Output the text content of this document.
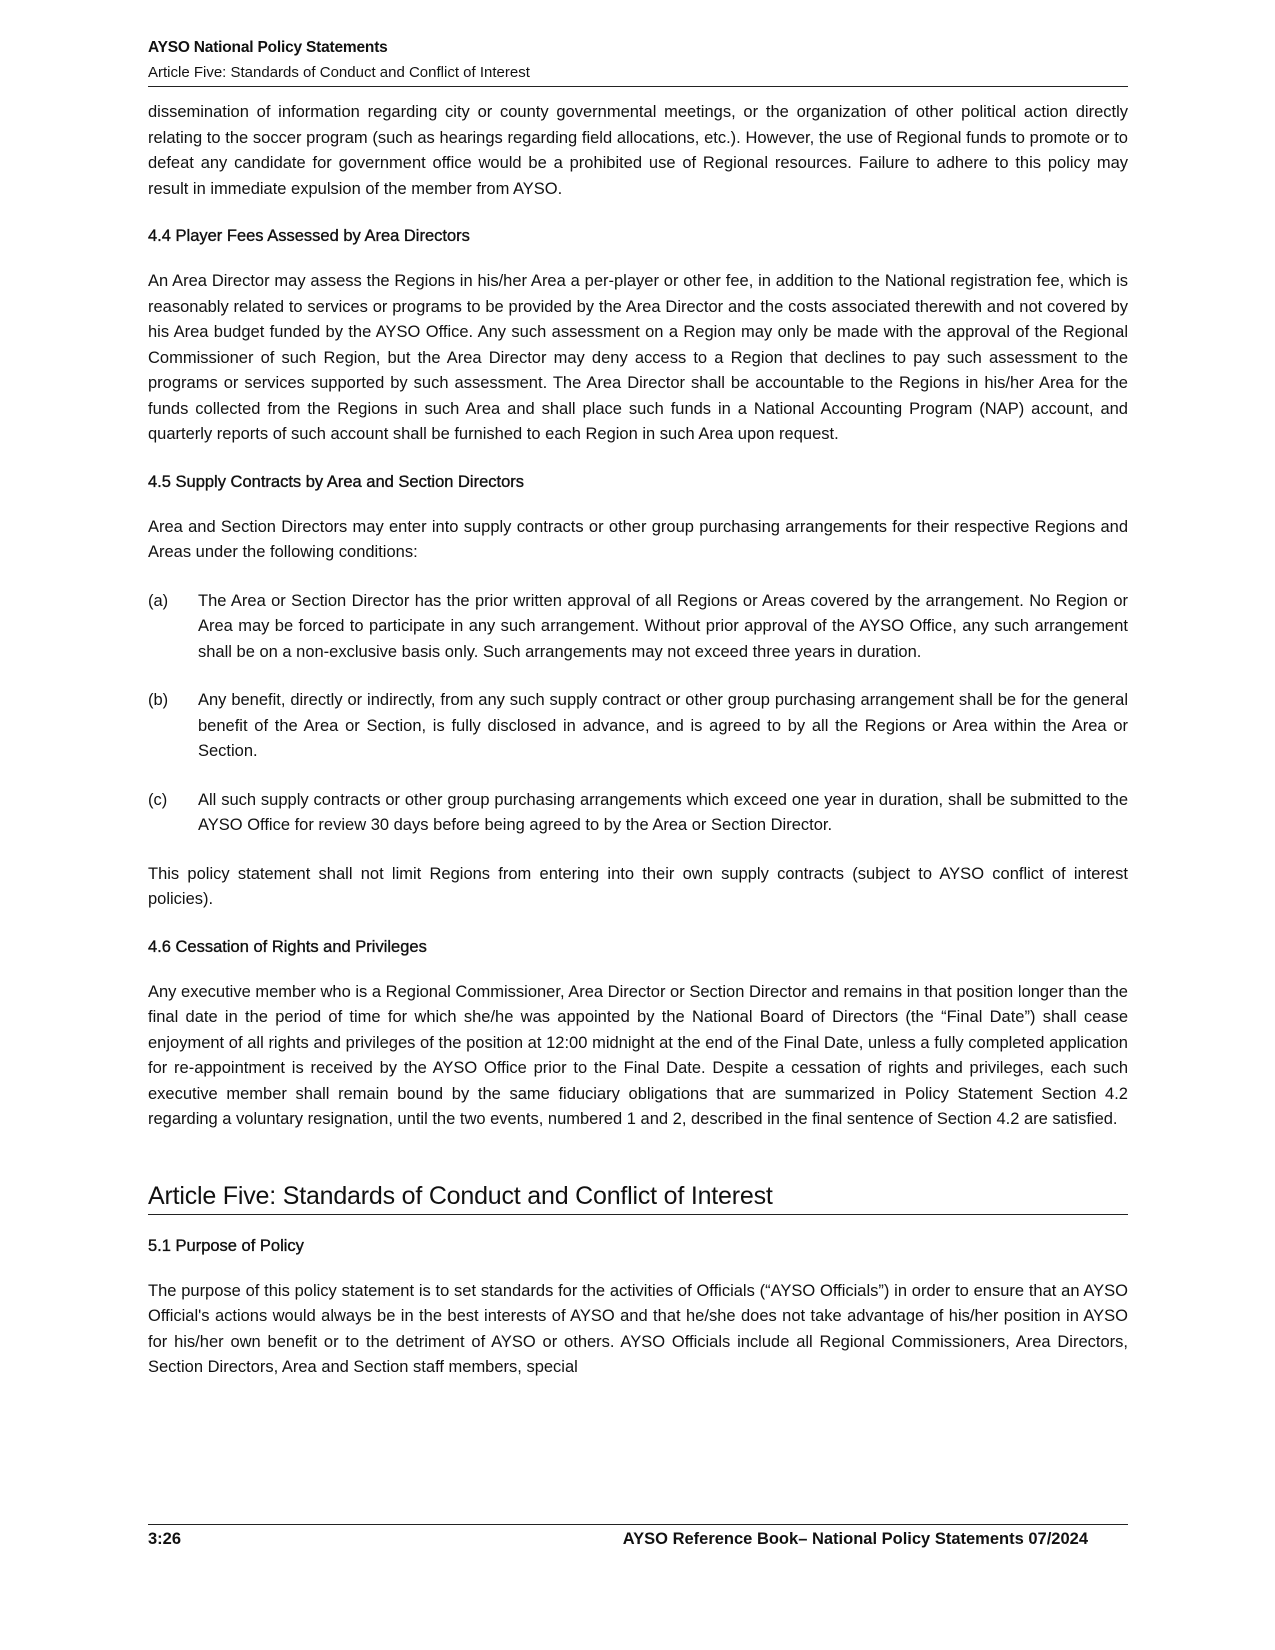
AYSO National Policy Statements
Article Five: Standards of Conduct and Conflict of Interest

dissemination of information regarding city or county governmental meetings, or the organization of other political action directly relating to the soccer program (such as hearings regarding field allocations, etc.). However, the use of Regional funds to promote or to defeat any candidate for government office would be a prohibited use of Regional resources. Failure to adhere to this policy may result in immediate expulsion of the member from AYSO.

4.4 Player Fees Assessed by Area Directors

An Area Director may assess the Regions in his/her Area a per-player or other fee, in addition to the National registration fee, which is reasonably related to services or programs to be provided by the Area Director and the costs associated therewith and not covered by his Area budget funded by the AYSO Office. Any such assessment on a Region may only be made with the approval of the Regional Commissioner of such Region, but the Area Director may deny access to a Region that declines to pay such assessment to the programs or services supported by such assessment. The Area Director shall be accountable to the Regions in his/her Area for the funds collected from the Regions in such Area and shall place such funds in a National Accounting Program (NAP) account, and quarterly reports of such account shall be furnished to each Region in such Area upon request.

4.5 Supply Contracts by Area and Section Directors

Area and Section Directors may enter into supply contracts or other group purchasing arrangements for their respective Regions and Areas under the following conditions:

(a)	The Area or Section Director has the prior written approval of all Regions or Areas covered by the arrangement. No Region or Area may be forced to participate in any such arrangement. Without prior approval of the AYSO Office, any such arrangement shall be on a non-exclusive basis only. Such arrangements may not exceed three years in duration.

(b)	Any benefit, directly or indirectly, from any such supply contract or other group purchasing arrangement shall be for the general benefit of the Area or Section, is fully disclosed in advance, and is agreed to by all the Regions or Area within the Area or Section.

(c)	All such supply contracts or other group purchasing arrangements which exceed one year in duration, shall be submitted to the AYSO Office for review 30 days before being agreed to by the Area or Section Director.

This policy statement shall not limit Regions from entering into their own supply contracts (subject to AYSO conflict of interest policies).

4.6 Cessation of Rights and Privileges

Any executive member who is a Regional Commissioner, Area Director or Section Director and remains in that position longer than the final date in the period of time for which she/he was appointed by the National Board of Directors (the “Final Date”) shall cease enjoyment of all rights and privileges of the position at 12:00 midnight at the end of the Final Date, unless a fully completed application for re-appointment is received by the AYSO Office prior to the Final Date. Despite a cessation of rights and privileges, each such executive member shall remain bound by the same fiduciary obligations that are summarized in Policy Statement Section 4.2 regarding a voluntary resignation, until the two events, numbered 1 and 2, described in the final sentence of Section 4.2 are satisfied.

Article Five: Standards of Conduct and Conflict of Interest
5.1 Purpose of Policy

The purpose of this policy statement is to set standards for the activities of Officials (“AYSO Officials”) in order to ensure that an AYSO Official's actions would always be in the best interests of AYSO and that he/she does not take advantage of his/her position in AYSO for his/her own benefit or to the detriment of AYSO or others. AYSO Officials include all Regional Commissioners, Area Directors, Section Directors, Area and Section staff members, special

3:26	AYSO Reference Book– National Policy Statements 07/2024
